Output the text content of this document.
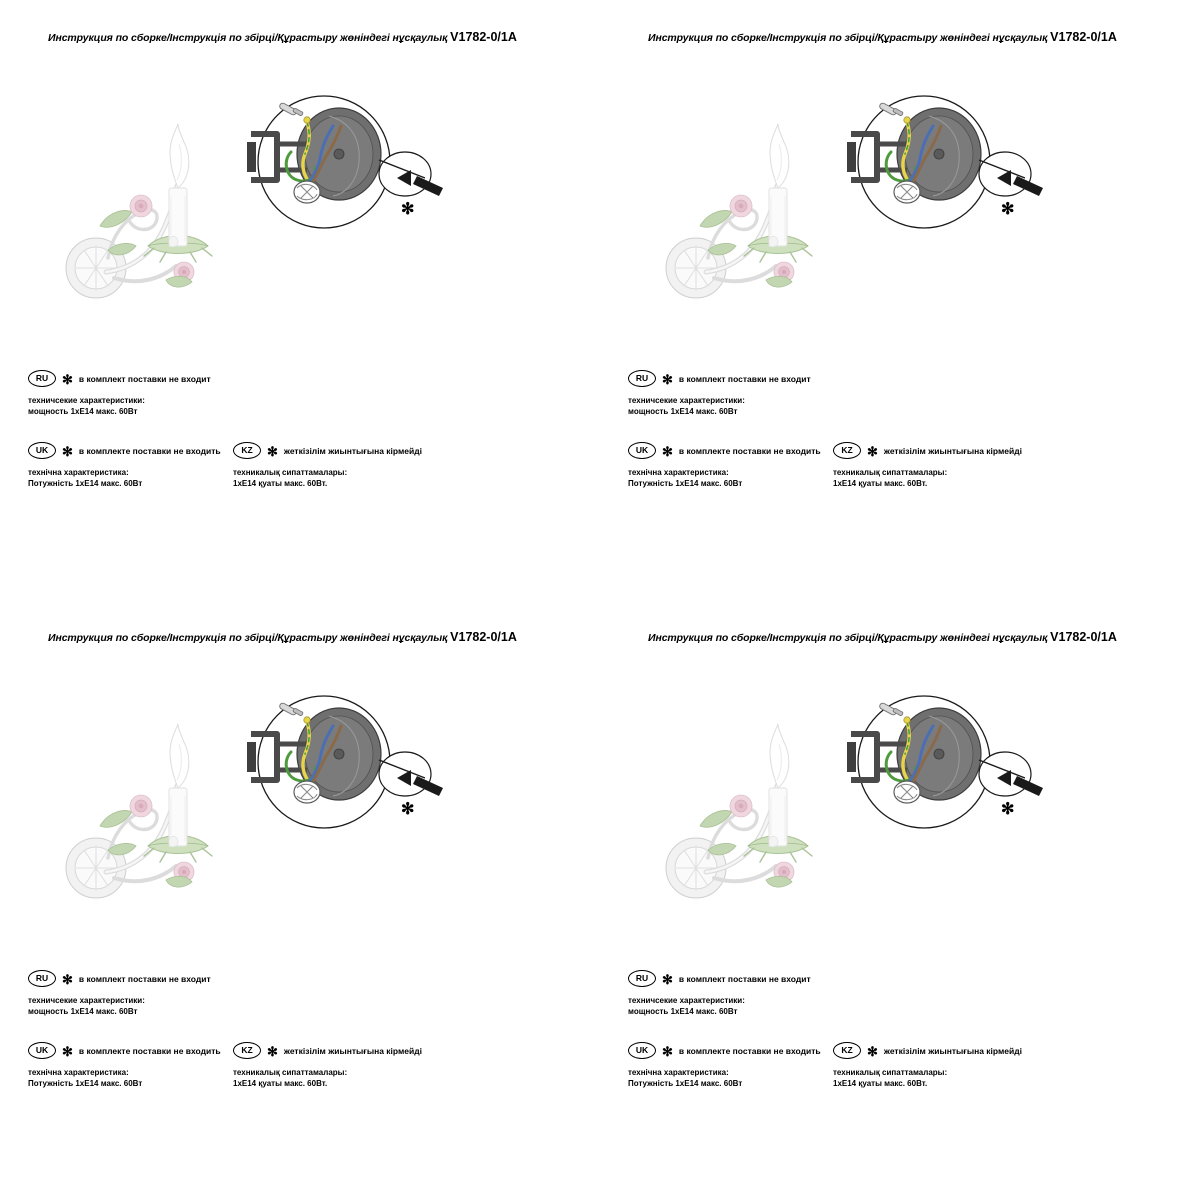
Инструкция по сборке/Інструкція по збірці/Құрастыру жөніндегі нұсқаулық V1782-0/1A
✻
RU	✻ в комплект поставки не входит
техничсекие характеристики:
мощность 1хЕ14 макс. 60Вт
UK	✻ в комплекте поставки не входить
технічна характеристика:
Потужність 1хЕ14 макс. 60Вт
KZ	✻ жеткізілім жиынтығына кірмейді
техникалық сипаттамалары:
1хЕ14 қуаты макс. 60Вт.
Инструкция по сборке/Інструкція по збірці/Құрастыру жөніндегі нұсқаулық V1782-0/1A
✻
RU	✻ в комплект поставки не входит
техничсекие характеристики:
мощность 1хЕ14 макс. 60Вт
UK	✻ в комплекте поставки не входить
технічна характеристика:
Потужність 1хЕ14 макс. 60Вт
KZ	✻ жеткізілім жиынтығына кірмейді
техникалық сипаттамалары:
1хЕ14 қуаты макс. 60Вт.
Инструкция по сборке/Інструкція по збірці/Құрастыру жөніндегі нұсқаулық V1782-0/1A
✻
RU	✻ в комплект поставки не входит
техничсекие характеристики:
мощность 1хЕ14 макс. 60Вт
UK	✻ в комплекте поставки не входить
технічна характеристика:
Потужність 1хЕ14 макс. 60Вт
KZ	✻ жеткізілім жиынтығына кірмейді
техникалық сипаттамалары:
1хЕ14 қуаты макс. 60Вт.
Инструкция по сборке/Інструкція по збірці/Құрастыру жөніндегі нұсқаулық V1782-0/1A
✻
RU	✻ в комплект поставки не входит
техничсекие характеристики:
мощность 1хЕ14 макс. 60Вт
UK	✻ в комплекте поставки не входить
технічна характеристика:
Потужність 1хЕ14 макс. 60Вт
KZ	✻ жеткізілім жиынтығына кірмейді
техникалық сипаттамалары:
1хЕ14 қуаты макс. 60Вт.
